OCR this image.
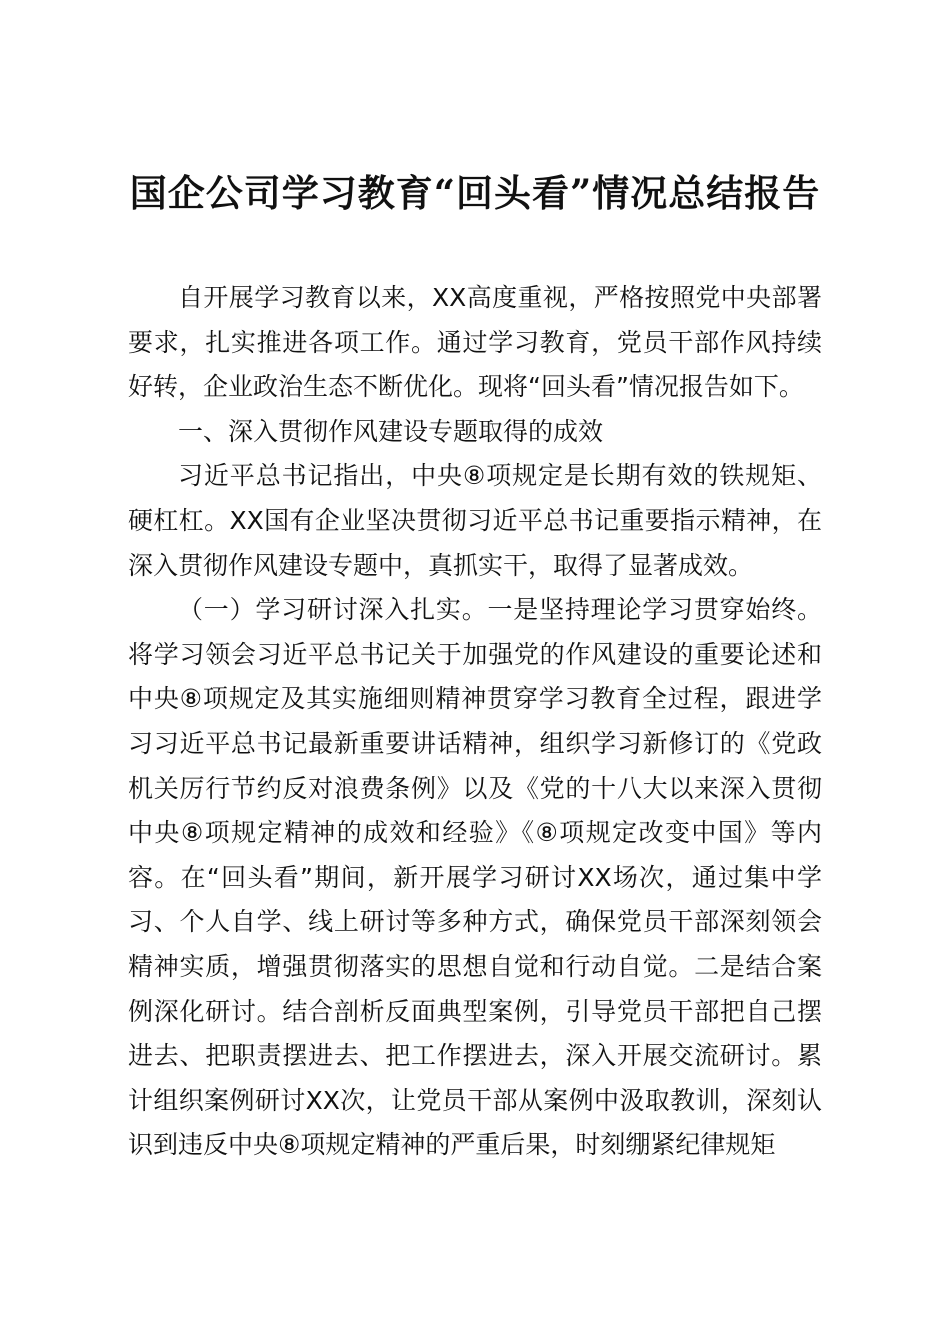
国企公司学习教育“回头看”情况总结报告

自开展学习教育以来，XX高度重视，严格按照党中央部署要求，扎实推进各项工作。通过学习教育，党员干部作风持续好转，企业政治生态不断优化。现将“回头看”情况报告如下。

一、深入贯彻作风建设专题取得的成效

习近平总书记指出，中央⑧项规定是长期有效的铁规矩、硬杠杠。XX国有企业坚决贯彻习近平总书记重要指示精神，在深入贯彻作风建设专题中，真抓实干，取得了显著成效。

（一）学习研讨深入扎实。一是坚持理论学习贯穿始终。将学习领会习近平总书记关于加强党的作风建设的重要论述和中央⑧项规定及其实施细则精神贯穿学习教育全过程，跟进学习习近平总书记最新重要讲话精神，组织学习新修订的《党政机关厉行节约反对浪费条例》以及《党的十八大以来深入贯彻中央⑧项规定精神的成效和经验》《⑧项规定改变中国》等内容。在“回头看”期间，新开展学习研讨XX场次，通过集中学习、个人自学、线上研讨等多种方式，确保党员干部深刻领会精神实质，增强贯彻落实的思想自觉和行动自觉。二是结合案例深化研讨。结合剖析反面典型案例，引导党员干部把自己摆进去、把职责摆进去、把工作摆进去，深入开展交流研讨。累计组织案例研讨XX次，让党员干部从案例中汲取教训，深刻认识到违反中央⑧项规定精神的严重后果，时刻绷紧纪律规矩
